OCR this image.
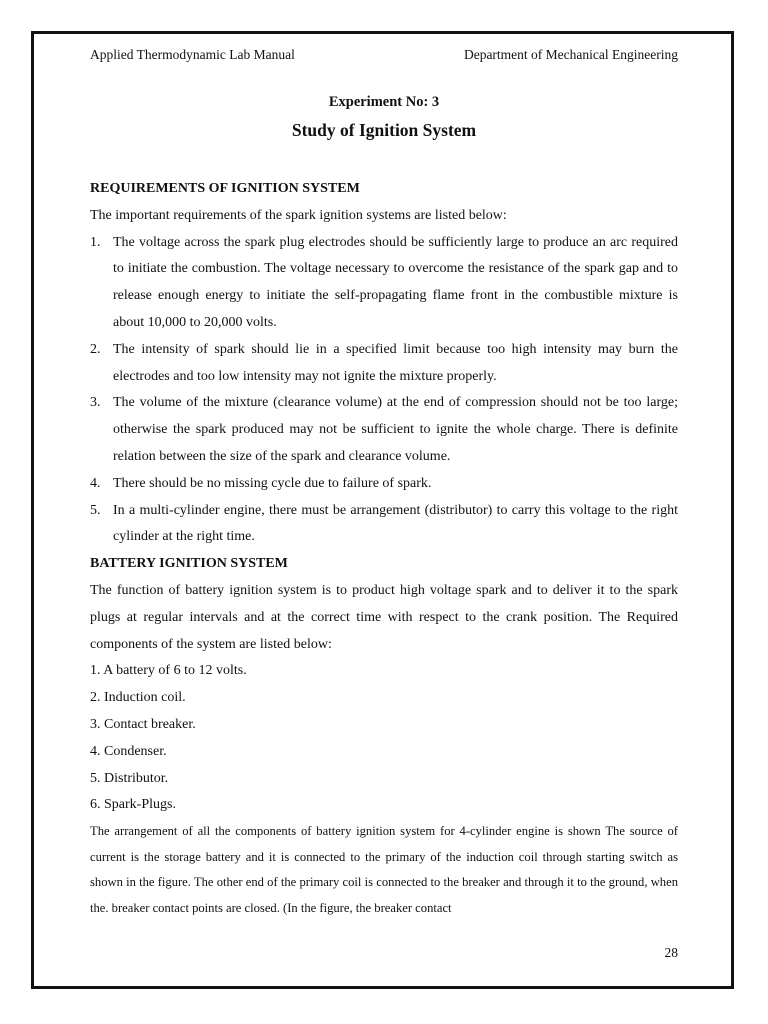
Applied Thermodynamic Lab Manual	Department of Mechanical Engineering
Experiment No: 3
Study of Ignition System

REQUIREMENTS OF IGNITION SYSTEM

The important requirements of the spark ignition systems are listed below:

1. The voltage across the spark plug electrodes should be sufficiently large to produce an arc required to initiate the combustion. The voltage necessary to overcome the resistance of the spark gap and to release enough energy to initiate the self-propagating flame front in the combustible mixture is about 10,000 to 20,000 volts.
2. The intensity of spark should lie in a specified limit because too high intensity may burn the electrodes and too low intensity may not ignite the mixture properly.
3. The volume of the mixture (clearance volume) at the end of compression should not be too large; otherwise the spark produced may not be sufficient to ignite the whole charge. There is definite relation between the size of the spark and clearance volume.
4. There should be no missing cycle due to failure of spark.
5. In a multi-cylinder engine, there must be arrangement (distributor) to carry this voltage to the right cylinder at the right time.

BATTERY IGNITION SYSTEM

The function of battery ignition system is to product high voltage spark and to deliver it to the spark plugs at regular intervals and at the correct time with respect to the crank position. The Required components of the system are listed below:

1. A battery of 6 to 12 volts.
2. Induction coil.
3. Contact breaker.
4. Condenser.
5. Distributor.
6. Spark-Plugs.

The arrangement of all the components of battery ignition system for 4-cylinder engine is shown The source of current is the storage battery and it is connected to the primary of the induction coil through starting switch as shown in the figure. The other end of the primary coil is connected to the breaker and through it to the ground, when the. breaker contact points are closed. (In the figure, the breaker contact

28
